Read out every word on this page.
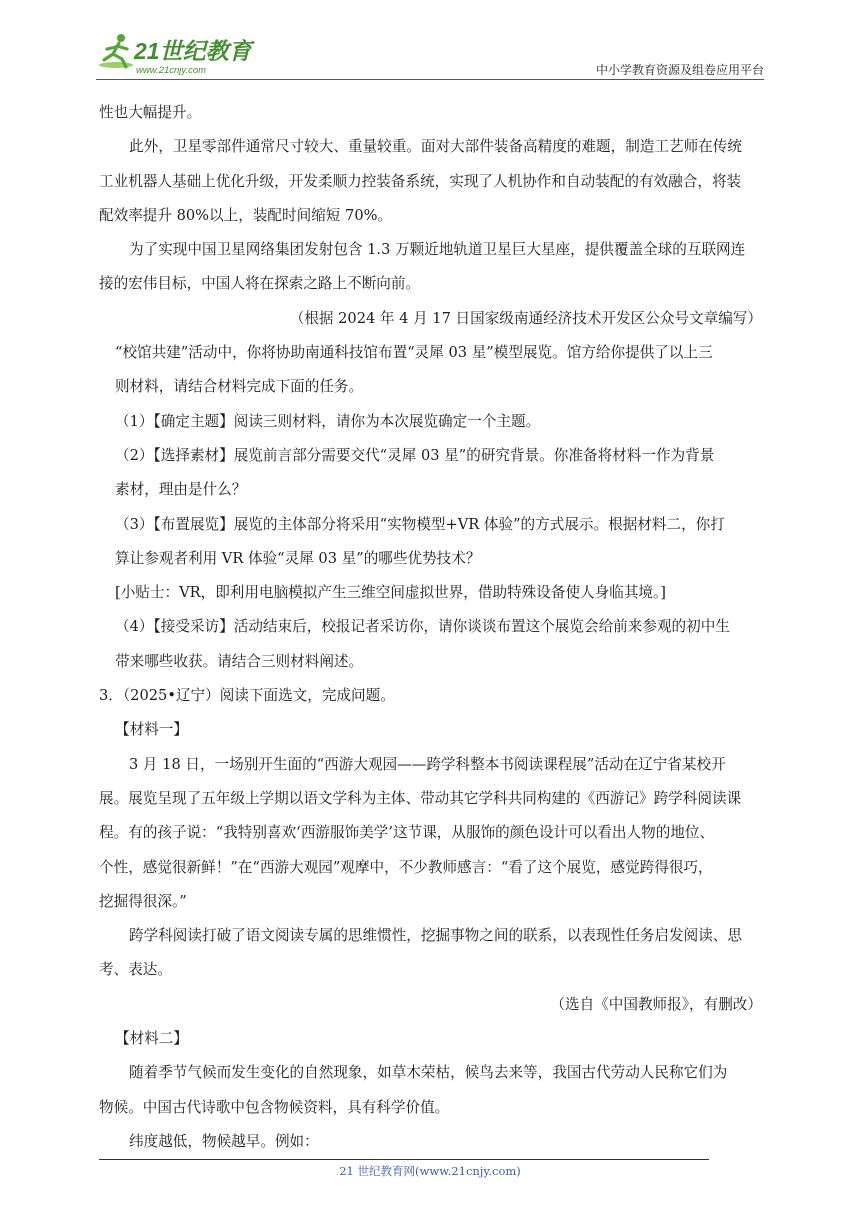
21世纪教育
www.21cnjy.com	中小学教育资源及组卷应用平台

性也大幅提升。

此外，卫星零部件通常尺寸较大、重量较重。面对大部件装备高精度的难题，制造工艺师在传统

工业机器人基础上优化升级，开发柔顺力控装备系统，实现了人机协作和自动装配的有效融合，将装

配效率提升 80%以上，装配时间缩短 70%。

为了实现中国卫星网络集团发射包含 1.3 万颗近地轨道卫星巨大星座，提供覆盖全球的互联网连

接的宏伟目标，中国人将在探索之路上不断向前。

（根据 2024 年 4 月 17 日国家级南通经济技术开发区公众号文章编写）

“校馆共建”活动中，你将协助南通科技馆布置“灵犀 03 星”模型展览。馆方给你提供了以上三

则材料，请结合材料完成下面的任务。

（1）【确定主题】阅读三则材料，请你为本次展览确定一个主题。

（2）【选择素材】展览前言部分需要交代“灵犀 03 星”的研究背景。你准备将材料一作为背景

素材，理由是什么？

（3）【布置展览】展览的主体部分将采用“实物模型+VR 体验”的方式展示。根据材料二，你打

算让参观者利用 VR 体验“灵犀 03 星”的哪些优势技术？

[小贴士：VR，即利用电脑模拟产生三维空间虚拟世界，借助特殊设备使人身临其境。]

（4）【接受采访】活动结束后，校报记者采访你，请你谈谈布置这个展览会给前来参观的初中生

带来哪些收获。请结合三则材料阐述。

3．（2025•辽宁）阅读下面选文，完成问题。

【材料一】

3 月 18 日，一场别开生面的“西游大观园——跨学科整本书阅读课程展”活动在辽宁省某校开

展。展览呈现了五年级上学期以语文学科为主体、带动其它学科共同构建的《西游记》跨学科阅读课

程。有的孩子说：“我特别喜欢‘西游服饰美学’这节课，从服饰的颜色设计可以看出人物的地位、

个性，感觉很新鲜！”在“西游大观园”观摩中，不少教师感言：“看了这个展览，感觉跨得很巧，

挖掘得很深。”

跨学科阅读打破了语文阅读专属的思维惯性，挖掘事物之间的联系，以表现性任务启发阅读、思

考、表达。

（选自《中国教师报》，有删改）

【材料二】

随着季节气候而发生变化的自然现象，如草木荣枯，候鸟去来等，我国古代劳动人民称它们为

物候。中国古代诗歌中包含物候资料，具有科学价值。

纬度越低，物候越早。例如：

21 世纪教育网(www.21cnjy.com)
